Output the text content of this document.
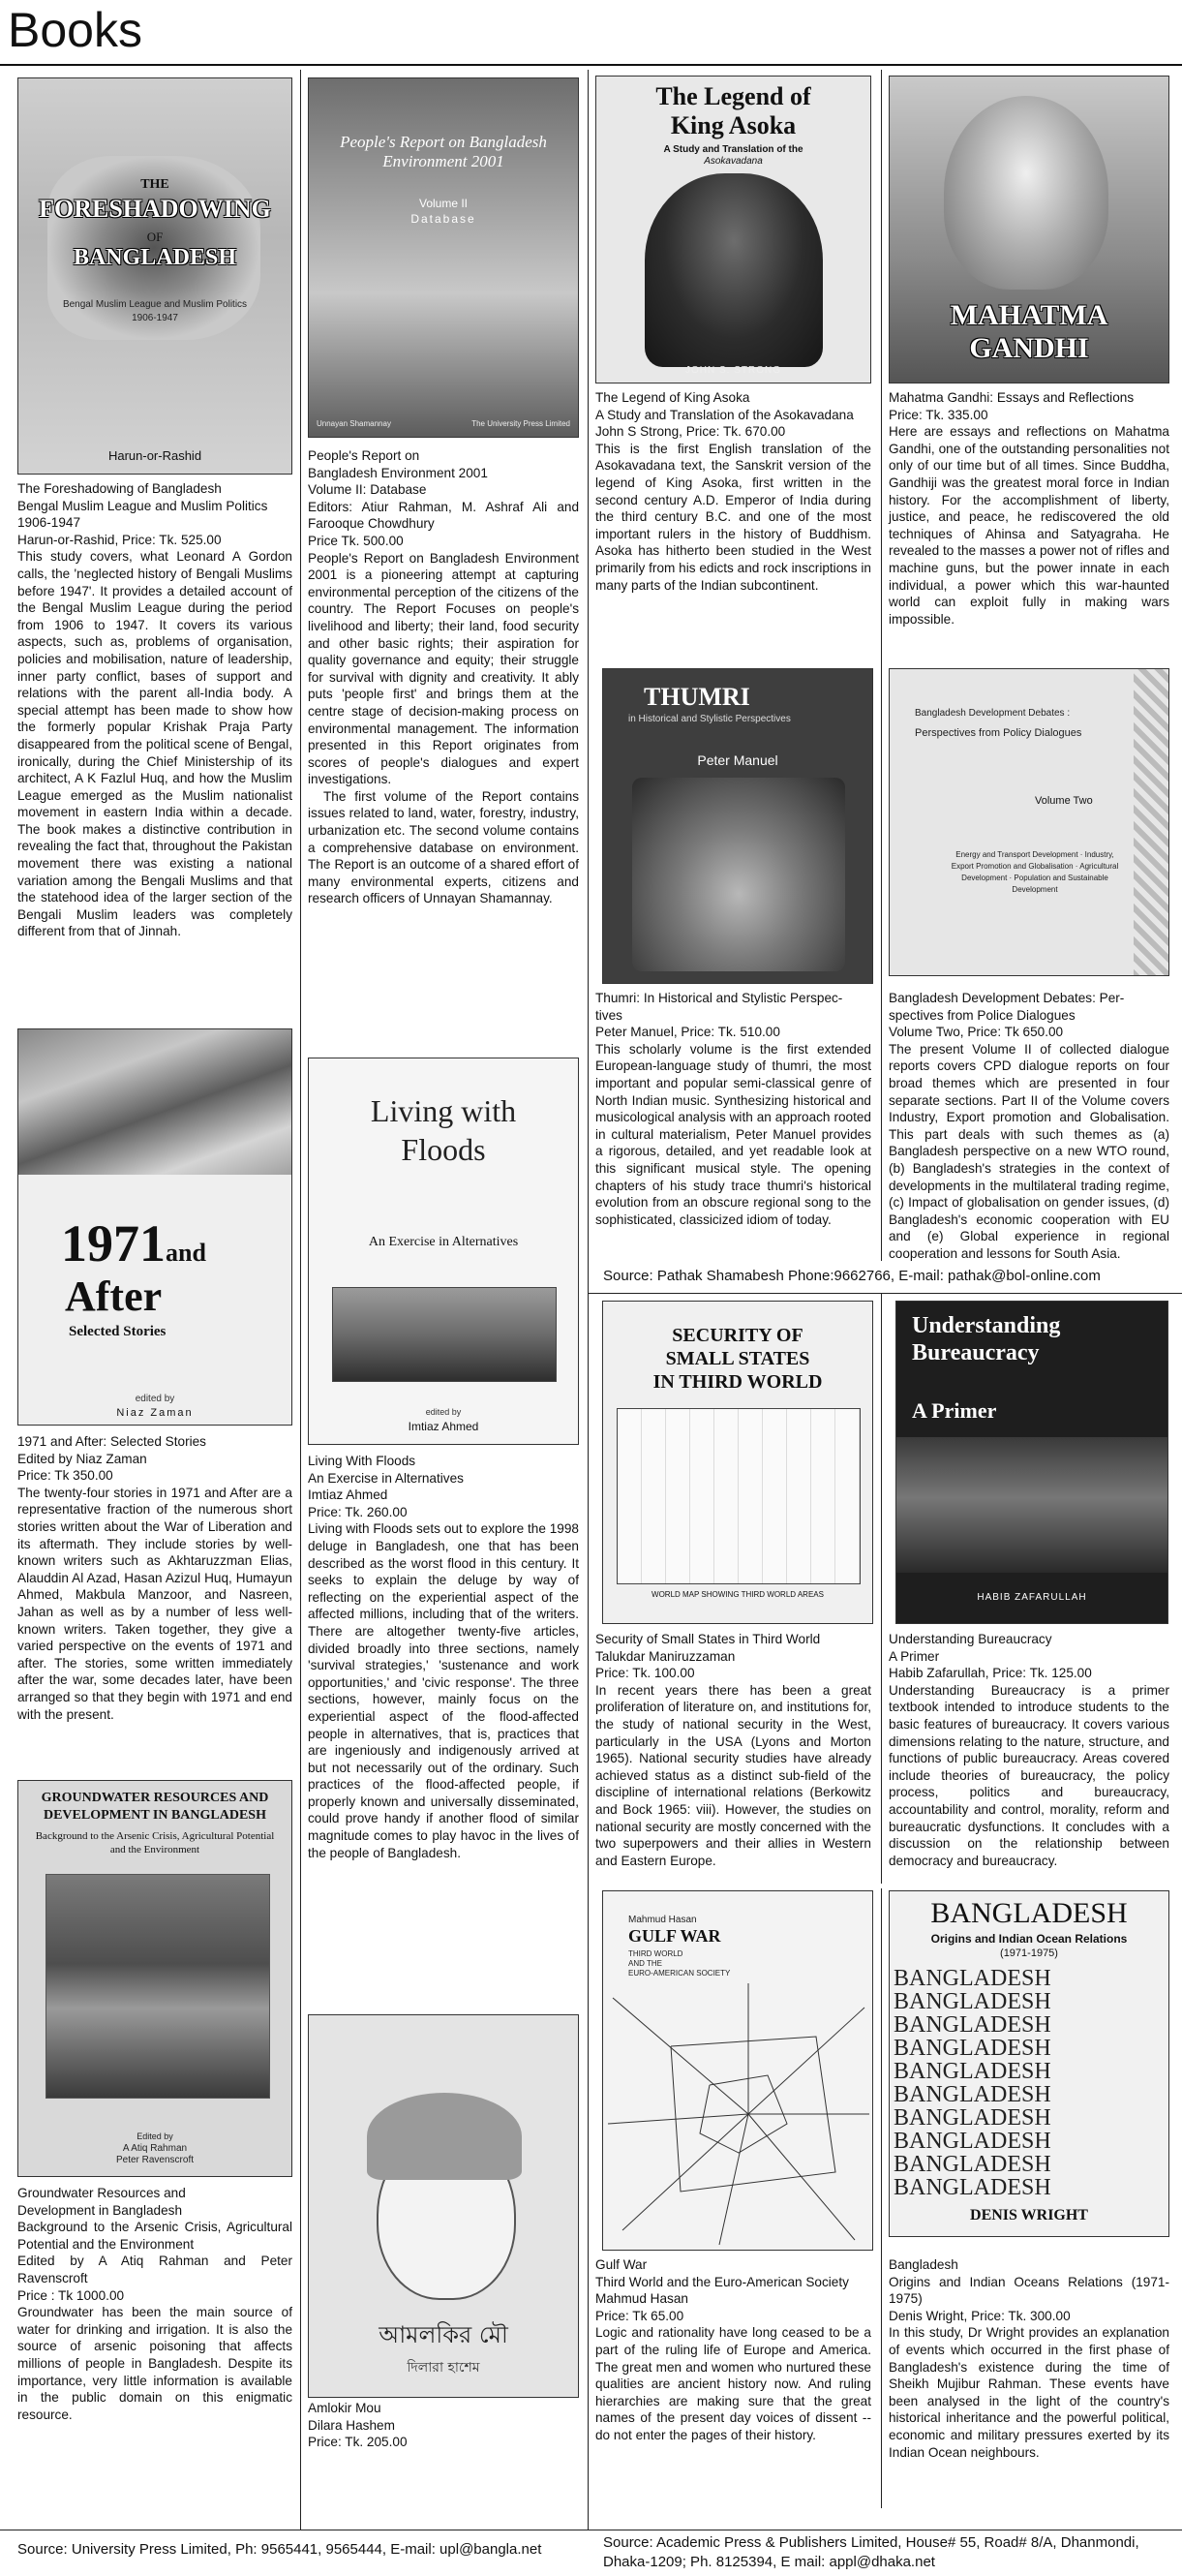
Books
THE
FORESHADOWING
OF
BANGLADESH
Bengal Muslim League and Muslim Politics
1906-1947
Harun-or-Rashid
The Foreshadowing of Bangladesh
Bengal Muslim League and Muslim Politics
1906-1947
Harun-or-Rashid, Price: Tk. 525.00
This study covers, what Leonard A Gordon calls, the 'neglected history of Bengali Muslims before 1947'. It provides a detailed account of the Bengal Muslim League during the period from 1906 to 1947. It covers its various aspects, such as, problems of organisation, policies and mobilisation, nature of leadership, inner party conflict, bases of support and relations with the parent all-India body. A special attempt has been made to show how the formerly popular Krishak Praja Party disappeared from the political scene of Bengal, ironically, during the Chief Ministership of its architect, A K Fazlul Huq, and how the Muslim League emerged as the Muslim nationalist movement in eastern India within a decade. The book makes a distinctive contribution in revealing the fact that, throughout the Pakistan movement there was existing a national variation among the Bengali Muslims and that the statehood idea of the larger section of the Bengali Muslim leaders was completely different from that of Jinnah.
1971and
After
Selected Stories
edited by
Niaz Zaman
1971 and After: Selected Stories
Edited by Niaz Zaman
Price: Tk 350.00
The twenty-four stories in 1971 and After are a representative fraction of the numerous short stories written about the War of Liberation and its aftermath. They include stories by well-known writers such as Akhtaruzzman Elias, Alauddin Al Azad, Hasan Azizul Huq, Humayun Ahmed, Makbula Manzoor, and Nasreen, Jahan as well as by a number of less well-known writers. Taken together, they give a varied perspective on the events of 1971 and after. The stories, some written immediately after the war, some decades later, have been arranged so that they begin with 1971 and end with the present.
GROUNDWATER RESOURCES AND
DEVELOPMENT IN BANGLADESH
Background to the Arsenic Crisis, Agricultural Potential and the Environment
Edited by
A Atiq Rahman
Peter Ravenscroft
Groundwater Resources and
Development in Bangladesh
Background to the Arsenic Crisis, Agricultural Potential and the Environment
Edited by A Atiq Rahman and Peter Ravenscroft
Price : Tk 1000.00
Groundwater has been the main source of water for drinking and irrigation. It is also the source of arsenic poisoning that affects millions of people in Bangladesh. Despite its importance, very little information is available in the public domain on this enigmatic resource.
Source: University Press Limited, Ph: 9565441, 9565444, E-mail: upl@bangla.net
People's Report on Bangladesh Environment 2001
Volume II
Database
Unnayan Shamannay	The University Press Limited
People's Report on
Bangladesh Environment 2001
Volume II: Database
Editors: Atiur Rahman, M. Ashraf Ali and Farooque Chowdhury
Price Tk. 500.00
People's Report on Bangladesh Environment 2001 is a pioneering attempt at capturing environmental perception of the citizens of the country. The Report Focuses on people's livelihood and liberty; their land, food security and other basic rights; their aspiration for quality governance and equity; their struggle for survival with dignity and creativity. It ably puts 'people first' and brings them at the centre stage of decision-making process on environmental management. The information presented in this Report originates from scores of people's dialogues and expert investigations.
The first volume of the Report contains issues related to land, water, forestry, industry, urbanization etc. The second volume contains a comprehensive database on environment. The Report is an outcome of a shared effort of many environmental experts, citizens and research officers of Unnayan Shamannay.
Living with
Floods
An Exercise in Alternatives
edited by
Imtiaz Ahmed
Living With Floods
An Exercise in Alternatives
Imtiaz Ahmed
Price: Tk. 260.00
Living with Floods sets out to explore the 1998 deluge in Bangladesh, one that has been described as the worst flood in this century. It seeks to explain the deluge by way of reflecting on the experiential aspect of the affected millions, including that of the writers. There are altogether twenty-five articles, divided broadly into three sections, namely 'survival strategies,' 'sustenance and work opportunities,' and 'civic response'. The three sections, however, mainly focus on the experiential aspect of the flood-affected people in alternatives, that is, practices that are ingeniously and indigenously arrived at but not necessarily out of the ordinary. Such practices of the flood-affected people, if properly known and universally disseminated, could prove handy if another flood of similar magnitude comes to play havoc in the lives of the people of Bangladesh.
আমলকির মৌ
দিলারা হাশেম
Amlokir Mou
Dilara Hashem
Price: Tk. 205.00
The Legend of
King Asoka
A Study and Translation of the
Asokavadana
JOHN S. STRONG
The Legend of King Asoka
A Study and Translation of the Asokavadana
John S Strong, Price: Tk. 670.00
This is the first English translation of the Asokavadana text, the Sanskrit version of the legend of King Asoka, first written in the second century A.D. Emperor of India during the third century B.C. and one of the most important rulers in the history of Buddhism. Asoka has hitherto been studied in the West primarily from his edicts and rock inscriptions in many parts of the Indian subcontinent.
THUMRI
in Historical and Stylistic Perspectives
Peter Manuel
Thumri: In Historical and Stylistic Perspec-
tives
Peter Manuel, Price: Tk. 510.00
This scholarly volume is the first extended European-language study of thumri, the most important and popular semi-classical genre of North Indian music. Synthesizing historical and musicological analysis with an approach rooted in cultural materialism, Peter Manuel provides a rigorous, detailed, and yet readable look at this significant musical style. The opening chapters of his study trace thumri's historical evolution from an obscure regional song to the sophisticated, classicized idiom of today.
Source: Pathak Shamabesh Phone:9662766, E-mail: pathak@bol-online.com
SECURITY OF
SMALL STATES
IN THIRD WORLD
WORLD MAP SHOWING THIRD WORLD AREAS
Security of Small States in Third World
Talukdar Maniruzzaman
Price: Tk. 100.00
In recent years there has been a great proliferation of literature on, and institutions for, the study of national security in the West, particularly in the USA (Lyons and Morton 1965). National security studies have already achieved status as a distinct sub-field of the discipline of international relations (Berkowitz and Bock 1965: viii). However, the studies on national security are mostly concerned with the two superpowers and their allies in Western and Eastern Europe.
Mahmud Hasan
GULF WAR
THIRD WORLD
AND THE
EURO-AMERICAN SOCIETY
Gulf War
Third World and the Euro-American Society
Mahmud Hasan
Price: Tk 65.00
Logic and rationality have long ceased to be a part of the ruling life of Europe and America. The great men and women who nurtured these qualities are ancient history now. And ruling hierarchies are making sure that the great names of the present day voices of dissent -- do not enter the pages of their history.
Source: Academic Press & Publishers Limited, House# 55, Road# 8/A, Dhanmondi, Dhaka-1209; Ph. 8125394, E mail: appl@dhaka.net
MAHATMA
GANDHI
Mahatma Gandhi: Essays and Reflections
Price: Tk. 335.00
Here are essays and reflections on Mahatma Gandhi, one of the outstanding personalities not only of our time but of all times. Since Buddha, Gandhiji was the greatest moral force in Indian history. For the accomplishment of liberty, justice, and peace, he rediscovered the old techniques of Ahinsa and Satyagraha. He revealed to the masses a power not of rifles and machine guns, but the power innate in each individual, a power which this war-haunted world can exploit fully in making wars impossible.
Bangladesh Development Debates :
Perspectives from Policy Dialogues
Volume Two
Energy and Transport Development · Industry, Export Promotion and Globalisation · Agricultural Development · Population and Sustainable Development
Bangladesh Development Debates: Per-
spectives from Police Dialogues
Volume Two, Price: Tk 650.00
The present Volume II of collected dialogue reports covers CPD dialogue reports on four broad themes which are presented in four separate sections. Part II of the Volume covers Industry, Export promotion and Globalisation. This part deals with such themes as (a) Bangladesh perspective on a new WTO round, (b) Bangladesh's strategies in the context of developments in the multilateral trading regime, (c) Impact of globalisation on gender issues, (d) Bangladesh's economic cooperation with EU and (e) Global experience in regional cooperation and lessons for South Asia.
Understanding
Bureaucracy
A Primer
HABIB ZAFARULLAH
Understanding Bureaucracy
A Primer
Habib Zafarullah, Price: Tk. 125.00
Understanding Bureaucracy is a primer textbook intended to introduce students to the basic features of bureaucracy. It covers various dimensions relating to the nature, structure, and functions of public bureaucracy. Areas covered include theories of bureaucracy, the policy process, politics and bureaucracy, accountability and control, morality, reform and bureaucratic dysfunctions. It concludes with a discussion on the relationship between democracy and bureaucracy.
BANGLADESH
Origins and Indian Ocean Relations
(1971-1975)
BANGLADESH
BANGLADESH
BANGLADESH
BANGLADESH
BANGLADESH
BANGLADESH
BANGLADESH
BANGLADESH
BANGLADESH
BANGLADESH
DENIS WRIGHT
Bangladesh
Origins and Indian Oceans Relations (1971-1975)
Denis Wright, Price: Tk. 300.00
In this study, Dr Wright provides an explanation of events which occurred in the first phase of Bangladesh's existence during the time of Sheikh Mujibur Rahman. These events have been analysed in the light of the country's historical inheritance and the powerful political, economic and military pressures exerted by its Indian Ocean neighbours.
